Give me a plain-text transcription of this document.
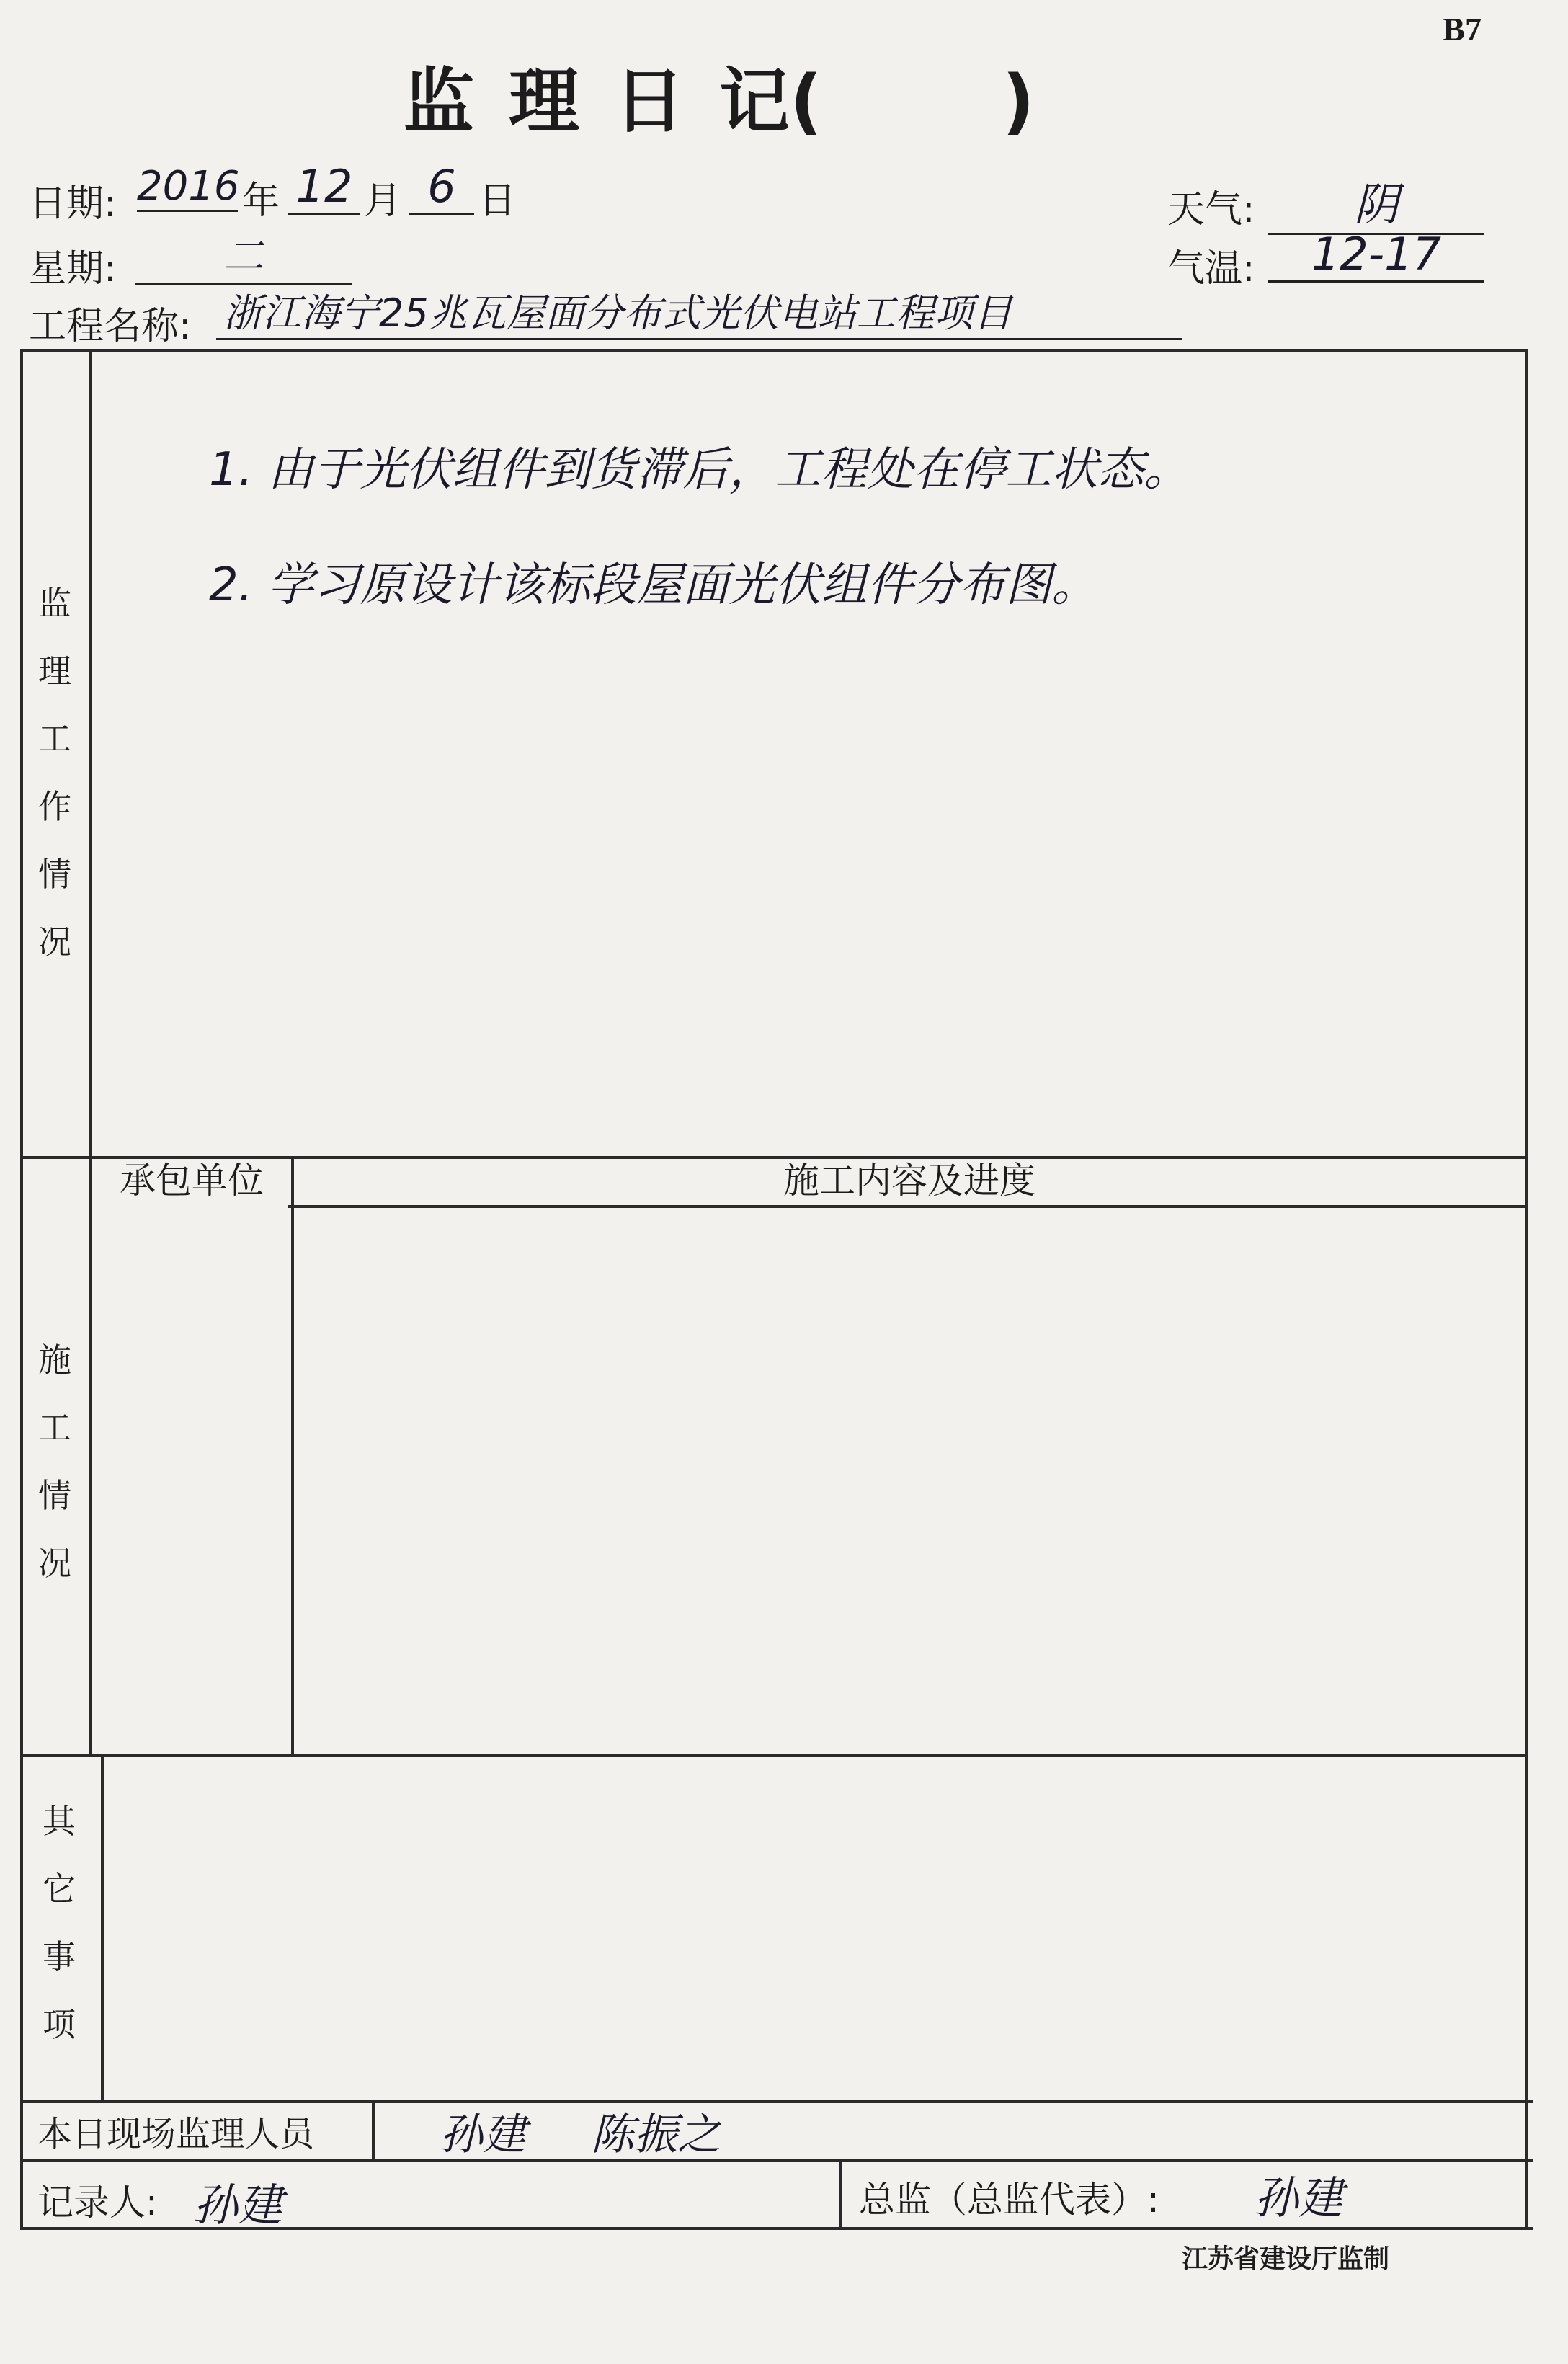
B7
监理日记(	)
日期: 2016 年 12 月 6 日	天气:	阴
星期:	二	气温:	12-17
工程名称: 浙江海宁25兆瓦屋面分布式光伏电站工程项目
监理工作情况
1. 由于光伏组件到货滞后，工程处在停工状态。
2. 学习原设计该标段屋面光伏组件分布图。
施工情况
承包单位	施工内容及进度
其它事项
本日现场监理人员	孙建 陈振之
记录人: 孙建	总监（总监代表）: 孙建
江苏省建设厅监制
